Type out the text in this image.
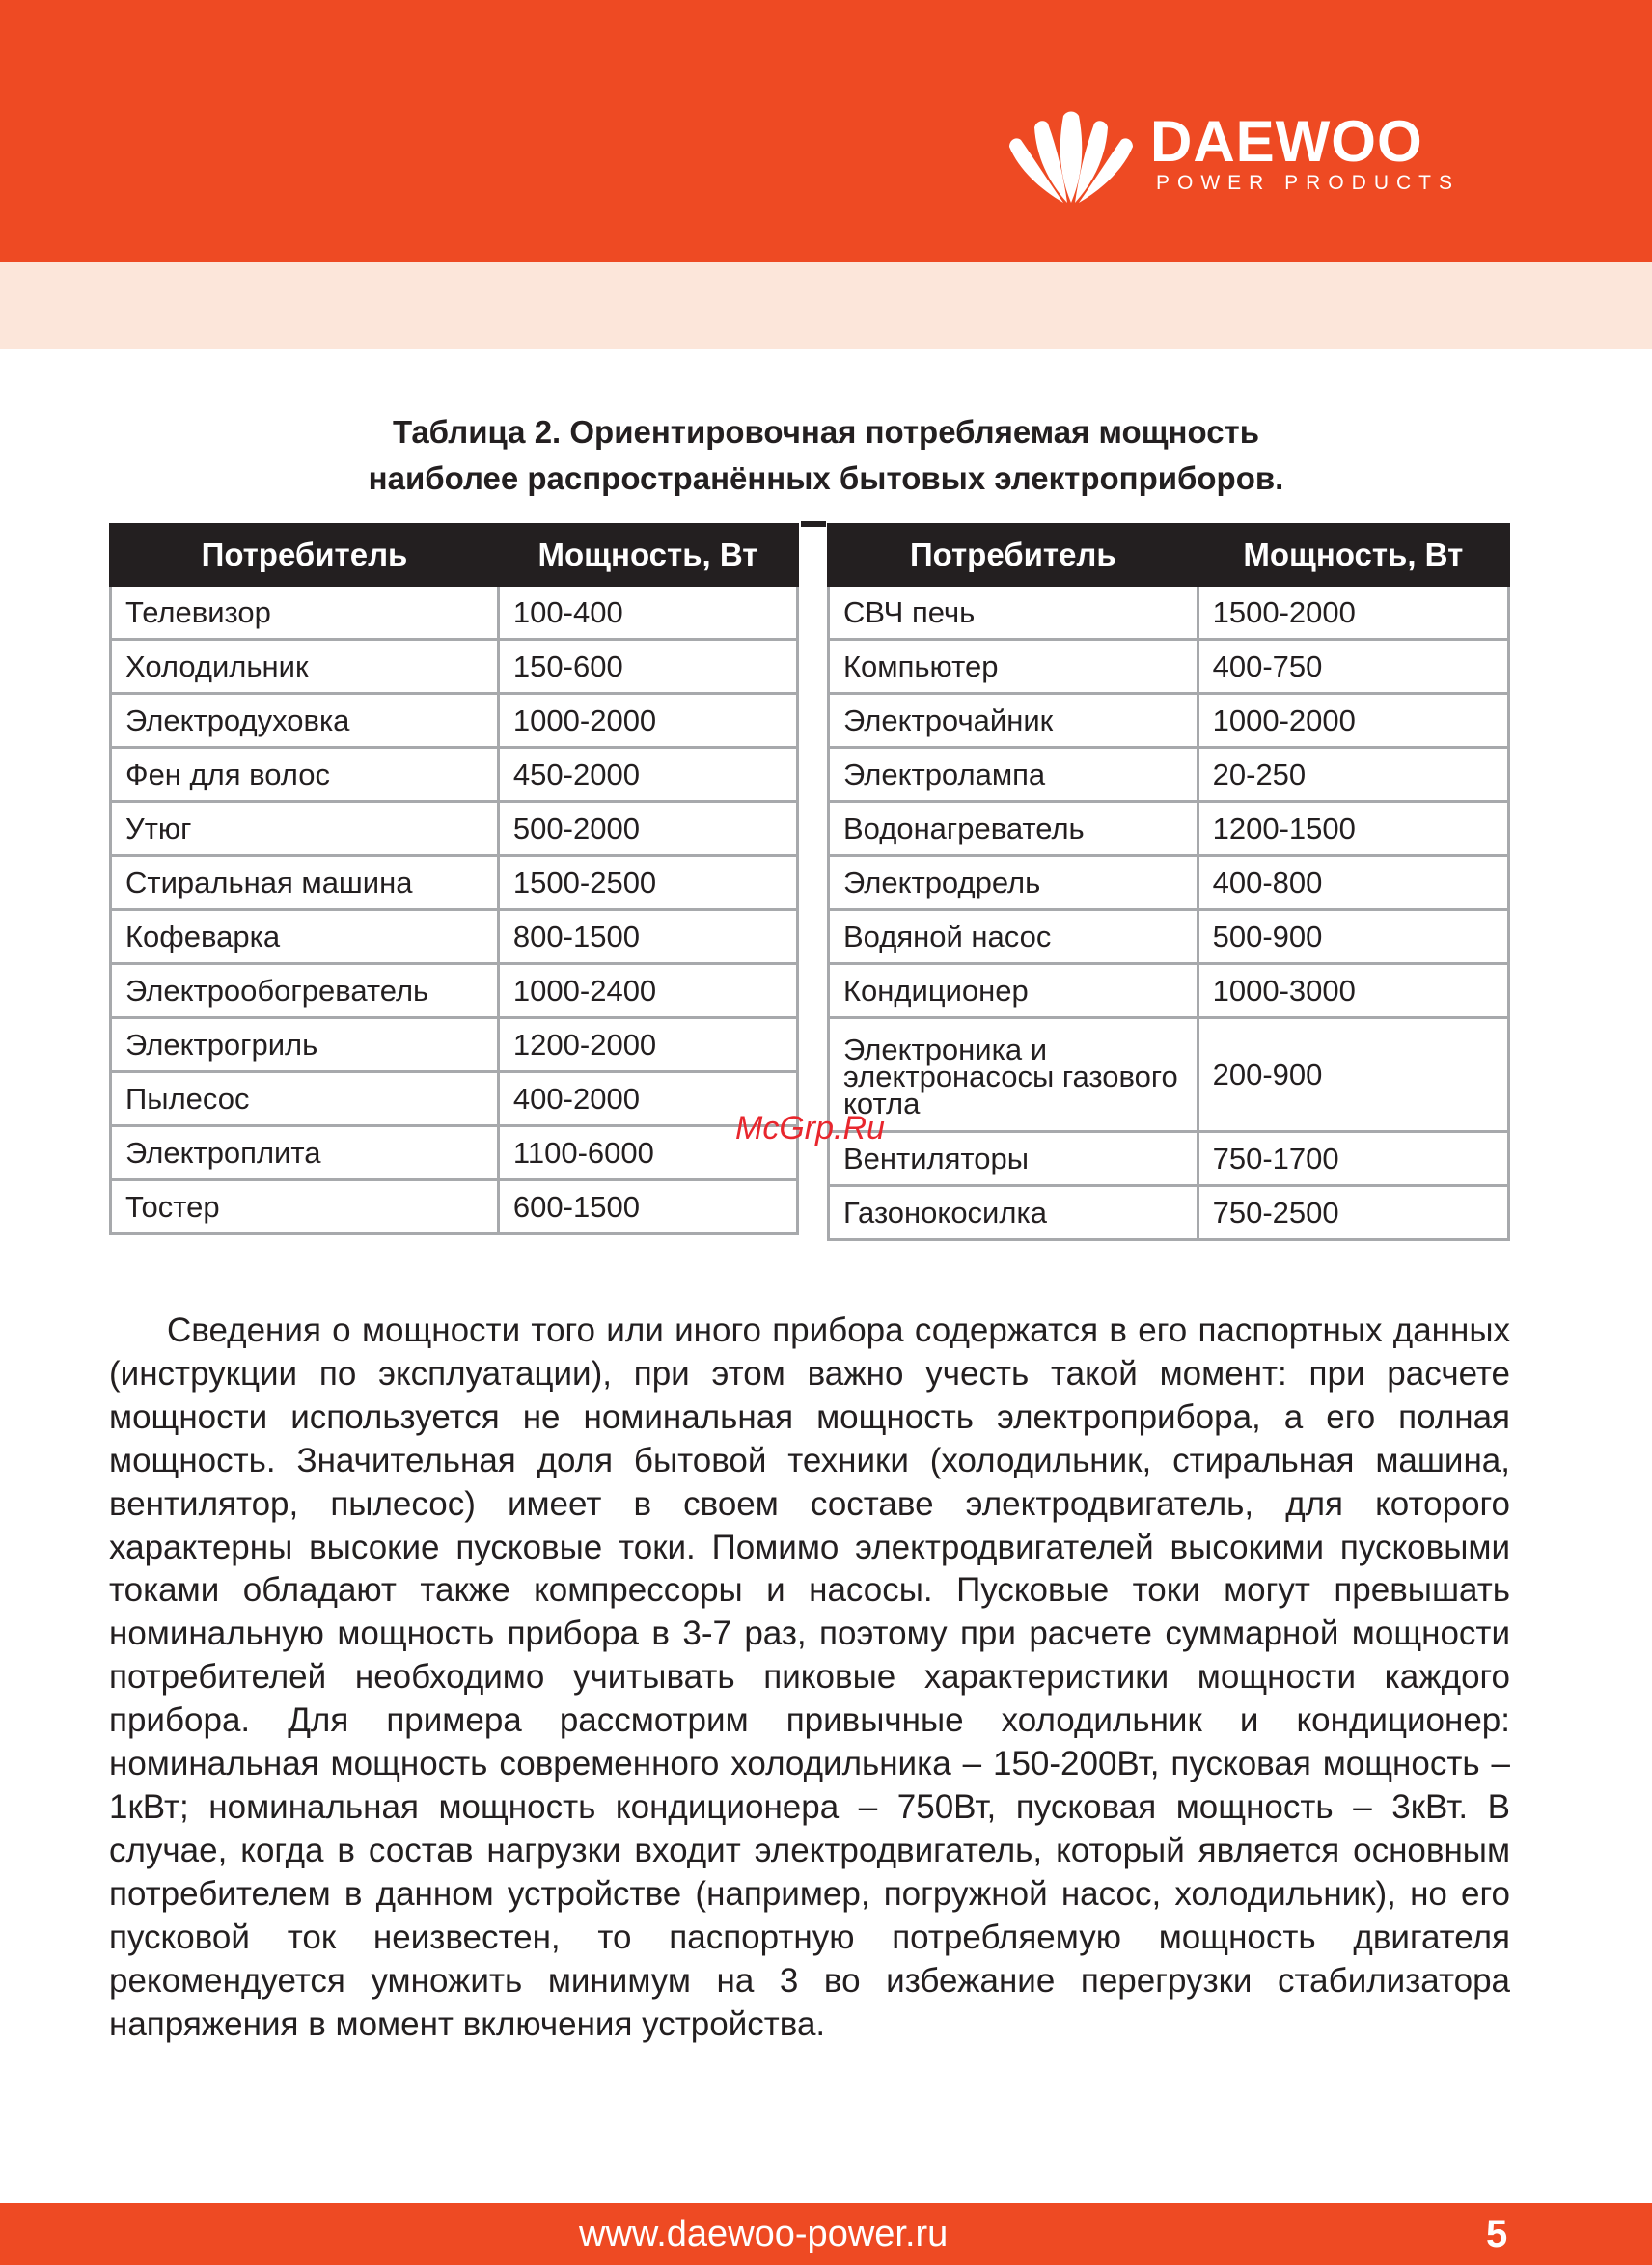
DAEWOO
POWER PRODUCTS
Таблица 2. Ориентировочная потребляемая мощность
наиболее распространённых бытовых электроприборов.
Потребитель	Мощность, Вт
Телевизор	100-400
Холодильник	150-600
Электродуховка	1000-2000
Фен для волос	450-2000
Утюг	500-2000
Стиральная машина	1500-2500
Кофеварка	800-1500
Электрообогреватель	1000-2400
Электрогриль	1200-2000
Пылесос	400-2000
Электроплита	1100-6000
Тостер	600-1500
Потребитель	Мощность, Вт
СВЧ печь	1500-2000
Компьютер	400-750
Электрочайник	1000-2000
Электролампа	20-250
Водонагреватель	1200-1500
Электродрель	400-800
Водяной насос	500-900
Кондиционер	1000-3000
Электроника и электронасосы газового котла	200-900
Вентиляторы	750-1700
Газонокосилка	750-2500
McGrp.Ru
Сведения о мощности того или иного прибора содержатся в его паспортных данных (инструкции по эксплуатации), при этом важно учесть такой момент: при расчете мощности используется не номинальная мощность электроприбора, а его полная мощность. Значительная доля бытовой техники (холодильник, стиральная машина, вентилятор, пылесос) имеет в своем составе электродвигатель, для которого характерны высокие пусковые токи. Помимо электродвигателей высокими пусковыми токами обладают также компрессоры и насосы. Пусковые токи могут превышать номинальную мощность прибора в 3-7 раз, поэтому при расчете суммарной мощности потребителей необходимо учитывать пиковые характеристики мощности каждого прибора. Для примера рассмотрим привычные холодильник и кондиционер: номинальная мощность современного холодильника – 150-200Вт, пусковая мощность – 1кВт; номинальная мощность кондиционера – 750Вт, пусковая мощность – 3кВт. В случае, когда в состав нагрузки входит электродвигатель, который является основным потребителем в данном устройстве (например, погружной насос, холодильник), но его пусковой ток неизвестен, то паспортную потребляемую мощность двигателя рекомендуется умножить минимум на 3 во избежание перегрузки стабилизатора напряжения в момент включения устройства.
www.daewoo-power.ru	5
